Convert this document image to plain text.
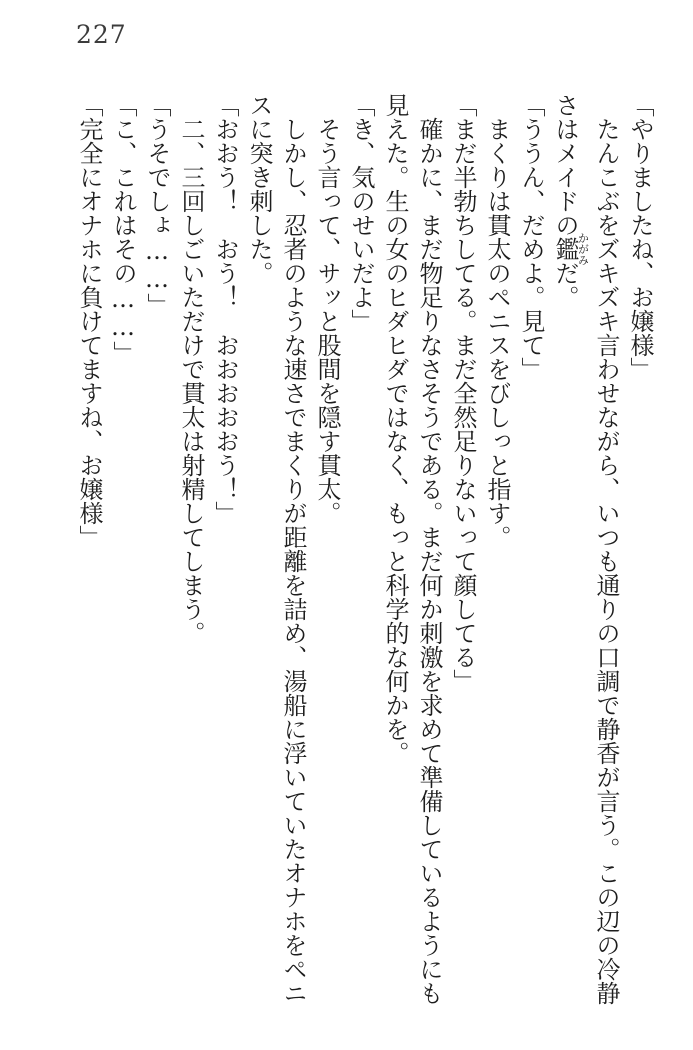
227

「やりましたね、お嬢様」

たんこぶをズキズキ言わせながら、いつも通りの口調で静香が言う。この辺の冷静

さはメイドの鑑かがみだ。

「ううん、だめよ。見て」

まくりは貫太のペニスをびしっと指す。

「まだ半勃ちしてる。まだ全然足りないって顔してる」

確かに、まだ物足りなさそうである。まだ何か刺激を求めて準備しているようにも

見えた。生の女のヒダヒダではなく、もっと科学的な何かを。

「き、気のせいだよ」

そう言って、サッと股間を隠す貫太。

しかし、忍者のような速さでまくりが距離を詰め、湯船に浮いていたオナホをペニ

スに突き刺した。

「おおう！　おう！　おおおおおう！」

二、三回しごいただけで貫太は射精してしまう。

「うそでしょ……」

「こ、これはその……」

「完全にオナホに負けてますね、お嬢様」
